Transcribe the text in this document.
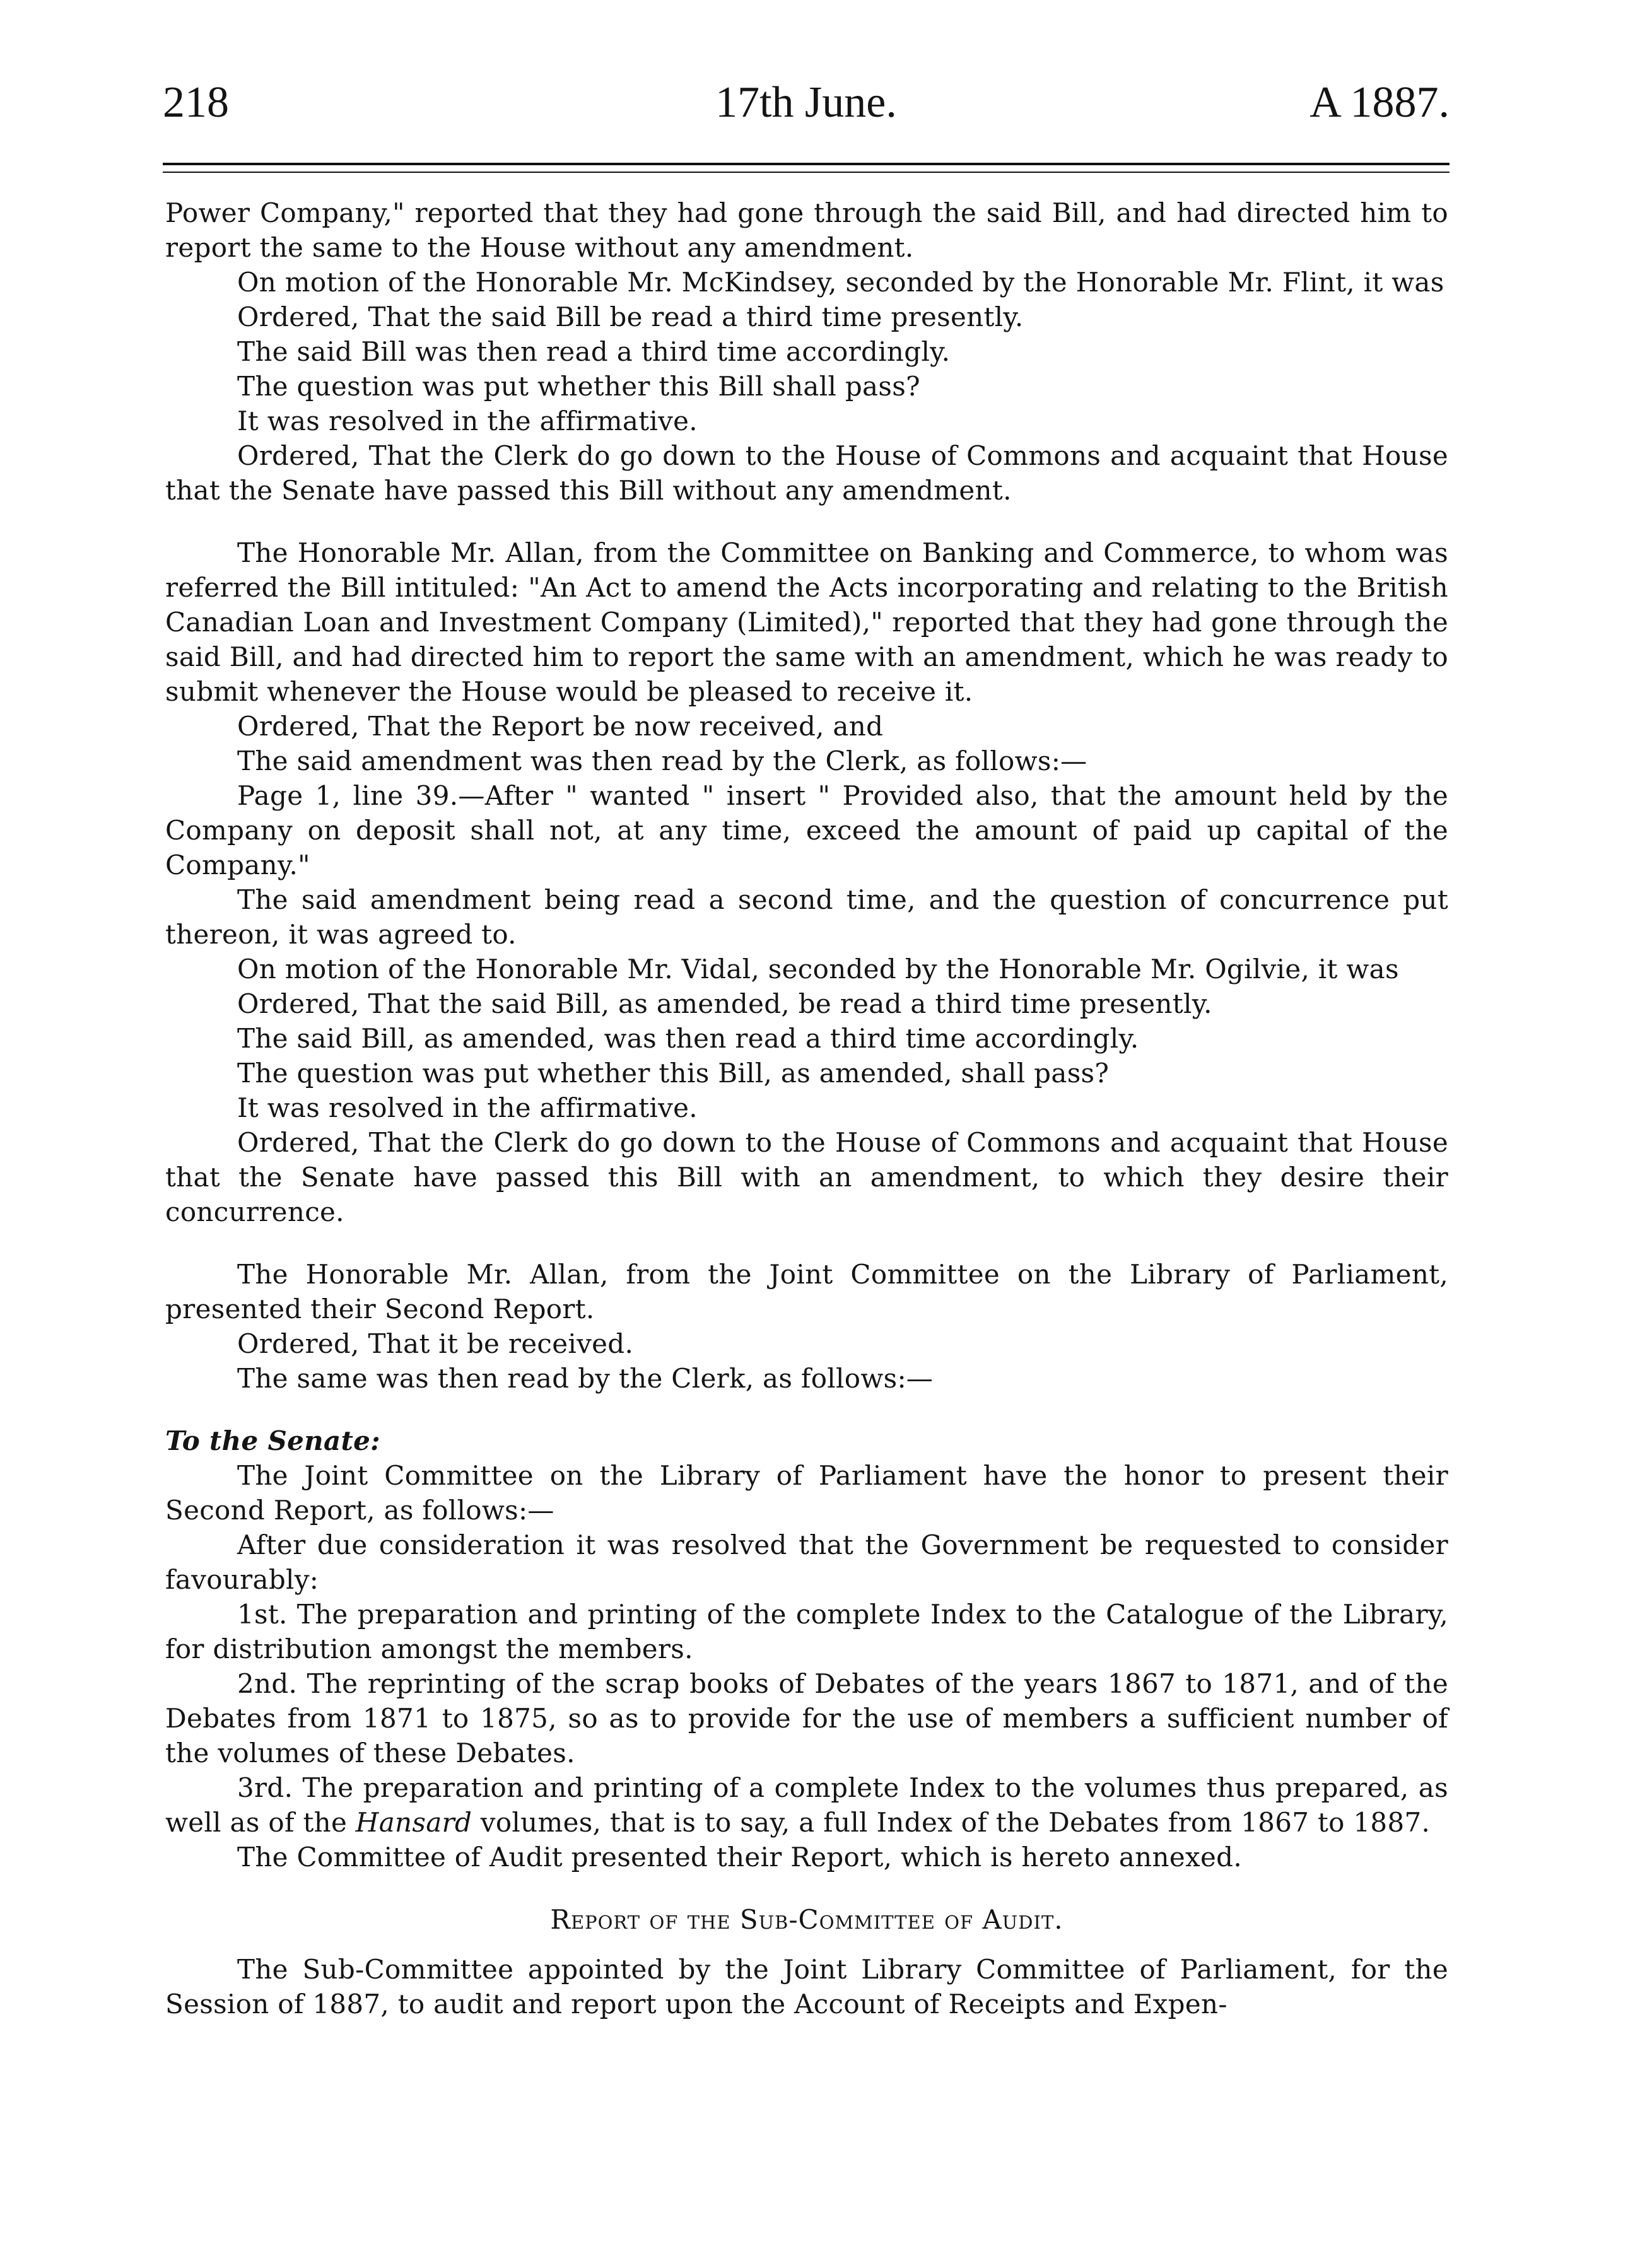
218	17th June.	A 1887.

Power Company," reported that they had gone through the said Bill, and had directed him to report the same to the House without any amendment.

On motion of the Honorable Mr. McKindsey, seconded by the Honorable Mr. Flint, it was

Ordered, That the said Bill be read a third time presently.

The said Bill was then read a third time accordingly.

The question was put whether this Bill shall pass?

It was resolved in the affirmative.

Ordered, That the Clerk do go down to the House of Commons and acquaint that House that the Senate have passed this Bill without any amendment.

The Honorable Mr. Allan, from the Committee on Banking and Commerce, to whom was referred the Bill intituled: "An Act to amend the Acts incorporating and relating to the British Canadian Loan and Investment Company (Limited)," reported that they had gone through the said Bill, and had directed him to report the same with an amendment, which he was ready to submit whenever the House would be pleased to receive it.

Ordered, That the Report be now received, and

The said amendment was then read by the Clerk, as follows:—

Page 1, line 39.—After " wanted " insert " Provided also, that the amount held by the Company on deposit shall not, at any time, exceed the amount of paid up capital of the Company."

The said amendment being read a second time, and the question of concurrence put thereon, it was agreed to.

On motion of the Honorable Mr. Vidal, seconded by the Honorable Mr. Ogilvie, it was

Ordered, That the said Bill, as amended, be read a third time presently.

The said Bill, as amended, was then read a third time accordingly.

The question was put whether this Bill, as amended, shall pass?

It was resolved in the affirmative.

Ordered, That the Clerk do go down to the House of Commons and acquaint that House that the Senate have passed this Bill with an amendment, to which they desire their concurrence.

The Honorable Mr. Allan, from the Joint Committee on the Library of Parliament, presented their Second Report.

Ordered, That it be received.

The same was then read by the Clerk, as follows:—

To the Senate:

The Joint Committee on the Library of Parliament have the honor to present their Second Report, as follows:—

After due consideration it was resolved that the Government be requested to consider favourably:

1st. The preparation and printing of the complete Index to the Catalogue of the Library, for distribution amongst the members.

2nd. The reprinting of the scrap books of Debates of the years 1867 to 1871, and of the Debates from 1871 to 1875, so as to provide for the use of members a sufficient number of the volumes of these Debates.

3rd. The preparation and printing of a complete Index to the volumes thus prepared, as well as of the Hansard volumes, that is to say, a full Index of the Debates from 1867 to 1887.

The Committee of Audit presented their Report, which is hereto annexed.

Report of the Sub-Committee of Audit.

The Sub-Committee appointed by the Joint Library Committee of Parliament, for the Session of 1887, to audit and report upon the Account of Receipts and Expen-
